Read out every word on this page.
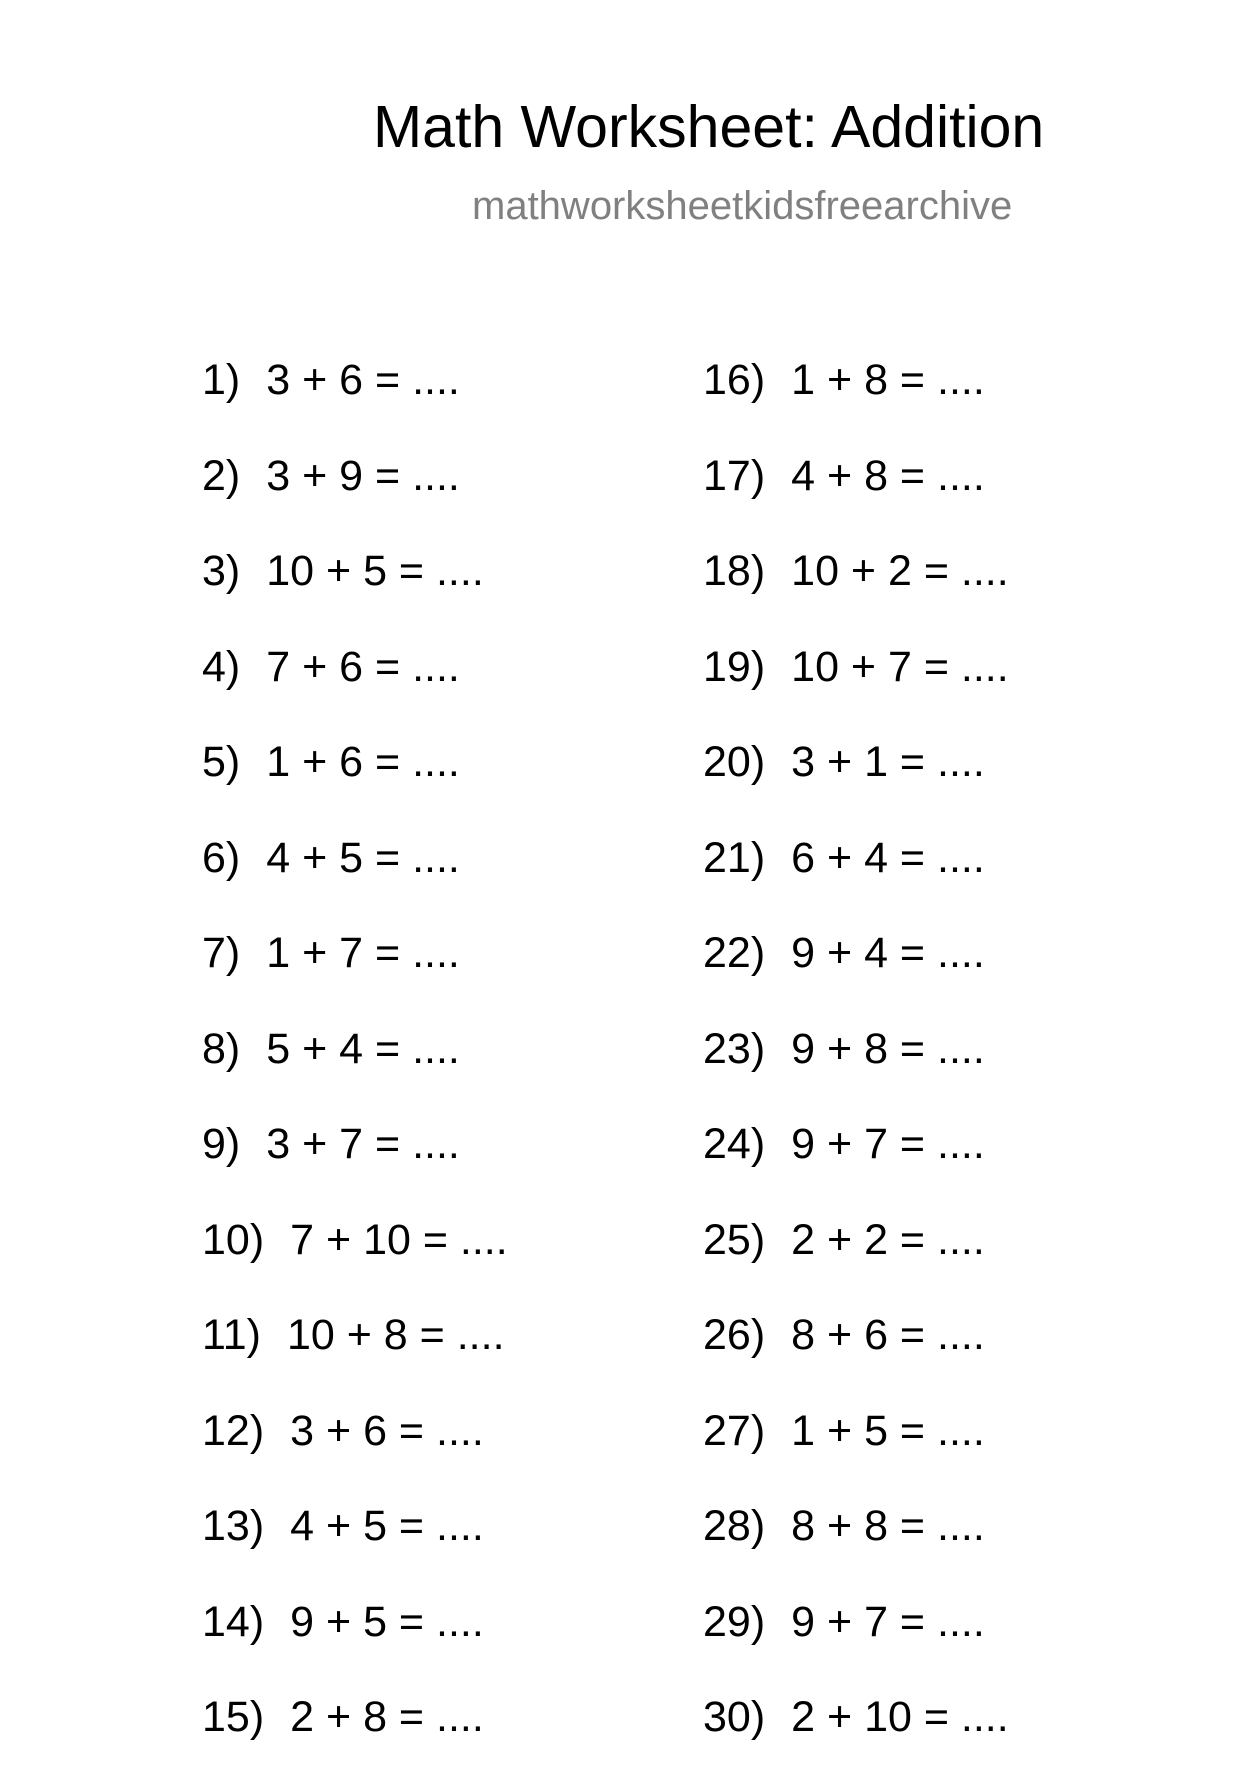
Math Worksheet: Addition
mathworksheetkidsfreearchive
1) 3 + 6 = ....
2) 3 + 9 = ....
3) 10 + 5 = ....
4) 7 + 6 = ....
5) 1 + 6 = ....
6) 4 + 5 = ....
7) 1 + 7 = ....
8) 5 + 4 = ....
9) 3 + 7 = ....
10) 7 + 10 = ....
11) 10 + 8 = ....
12) 3 + 6 = ....
13) 4 + 5 = ....
14) 9 + 5 = ....
15) 2 + 8 = ....
16) 1 + 8 = ....
17) 4 + 8 = ....
18) 10 + 2 = ....
19) 10 + 7 = ....
20) 3 + 1 = ....
21) 6 + 4 = ....
22) 9 + 4 = ....
23) 9 + 8 = ....
24) 9 + 7 = ....
25) 2 + 2 = ....
26) 8 + 6 = ....
27) 1 + 5 = ....
28) 8 + 8 = ....
29) 9 + 7 = ....
30) 2 + 10 = ....
